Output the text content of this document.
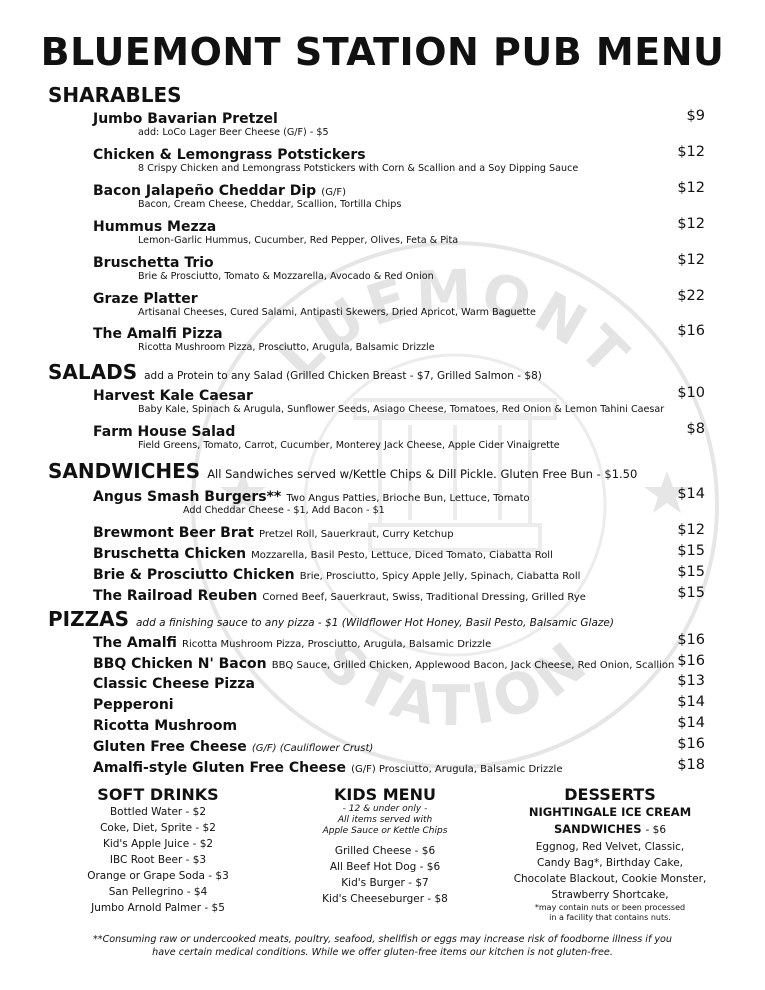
LUEMONT
STATION
BLUEMONT STATION PUB MENU
SHARABLES
Jumbo Bavarian Pretzel	$9
add: LoCo Lager Beer Cheese (G/F) - $5
Chicken & Lemongrass Potstickers	$12
8 Crispy Chicken and Lemongrass Potstickers with Corn & Scallion and a Soy Dipping Sauce
Bacon Jalapeño Cheddar Dip (G/F)	$12
Bacon, Cream Cheese, Cheddar, Scallion, Tortilla Chips
Hummus Mezza	$12
Lemon-Garlic Hummus, Cucumber, Red Pepper, Olives, Feta & Pita
Bruschetta Trio	$12
Brie & Prosciutto, Tomato & Mozzarella, Avocado & Red Onion
Graze Platter	$22
Artisanal Cheeses, Cured Salami, Antipasti Skewers, Dried Apricot, Warm Baguette
The Amalfi Pizza	$16
Ricotta Mushroom Pizza, Prosciutto, Arugula, Balsamic Drizzle
SALADS add a Protein to any Salad (Grilled Chicken Breast - $7, Grilled Salmon - $8)
Harvest Kale Caesar	$10
Baby Kale, Spinach & Arugula, Sunflower Seeds, Asiago Cheese, Tomatoes, Red Onion & Lemon Tahini Caesar
Farm House Salad	$8
Field Greens, Tomato, Carrot, Cucumber, Monterey Jack Cheese, Apple Cider Vinaigrette
SANDWICHES All Sandwiches served w/Kettle Chips & Dill Pickle. Gluten Free Bun - $1.50
Angus Smash Burgers** Two Angus Patties, Brioche Bun, Lettuce, Tomato	$14
Add Cheddar Cheese - $1, Add Bacon - $1
Brewmont Beer Brat Pretzel Roll, Sauerkraut, Curry Ketchup	$12
Bruschetta Chicken Mozzarella, Basil Pesto, Lettuce, Diced Tomato, Ciabatta Roll	$15
Brie & Prosciutto Chicken Brie, Prosciutto, Spicy Apple Jelly, Spinach, Ciabatta Roll	$15
The Railroad Reuben Corned Beef, Sauerkraut, Swiss, Traditional Dressing, Grilled Rye	$15
PIZZAS add a finishing sauce to any pizza - $1 (Wildflower Hot Honey, Basil Pesto, Balsamic Glaze)
The Amalfi Ricotta Mushroom Pizza, Prosciutto, Arugula, Balsamic Drizzle	$16
BBQ Chicken N' Bacon BBQ Sauce, Grilled Chicken, Applewood Bacon, Jack Cheese, Red Onion, Scallion $16
Classic Cheese Pizza	$13
Pepperoni	$14
Ricotta Mushroom	$14
Gluten Free Cheese (G/F) (Cauliflower Crust)	$16
Amalfi-style Gluten Free Cheese (G/F) Prosciutto, Arugula, Balsamic Drizzle	$18
SOFT DRINKS
Bottled Water - $2
Coke, Diet, Sprite - $2
Kid's Apple Juice - $2
IBC Root Beer - $3
Orange or Grape Soda - $3
San Pellegrino - $4
Jumbo Arnold Palmer - $5
KIDS MENU
- 12 & under only -
All items served with
Apple Sauce or Kettle Chips
Grilled Cheese - $6
All Beef Hot Dog - $6
Kid's Burger - $7
Kid's Cheeseburger - $8
DESSERTS
NIGHTINGALE ICE CREAM
SANDWICHES - $6
Eggnog, Red Velvet, Classic,
Candy Bag*, Birthday Cake,
Chocolate Blackout, Cookie Monster,
Strawberry Shortcake,
*may contain nuts or been processed
in a facility that contains nuts.
**Consuming raw or undercooked meats, poultry, seafood, shellfish or eggs may increase risk of foodborne illness if you
have certain medical conditions. While we offer gluten-free items our kitchen is not gluten-free.
